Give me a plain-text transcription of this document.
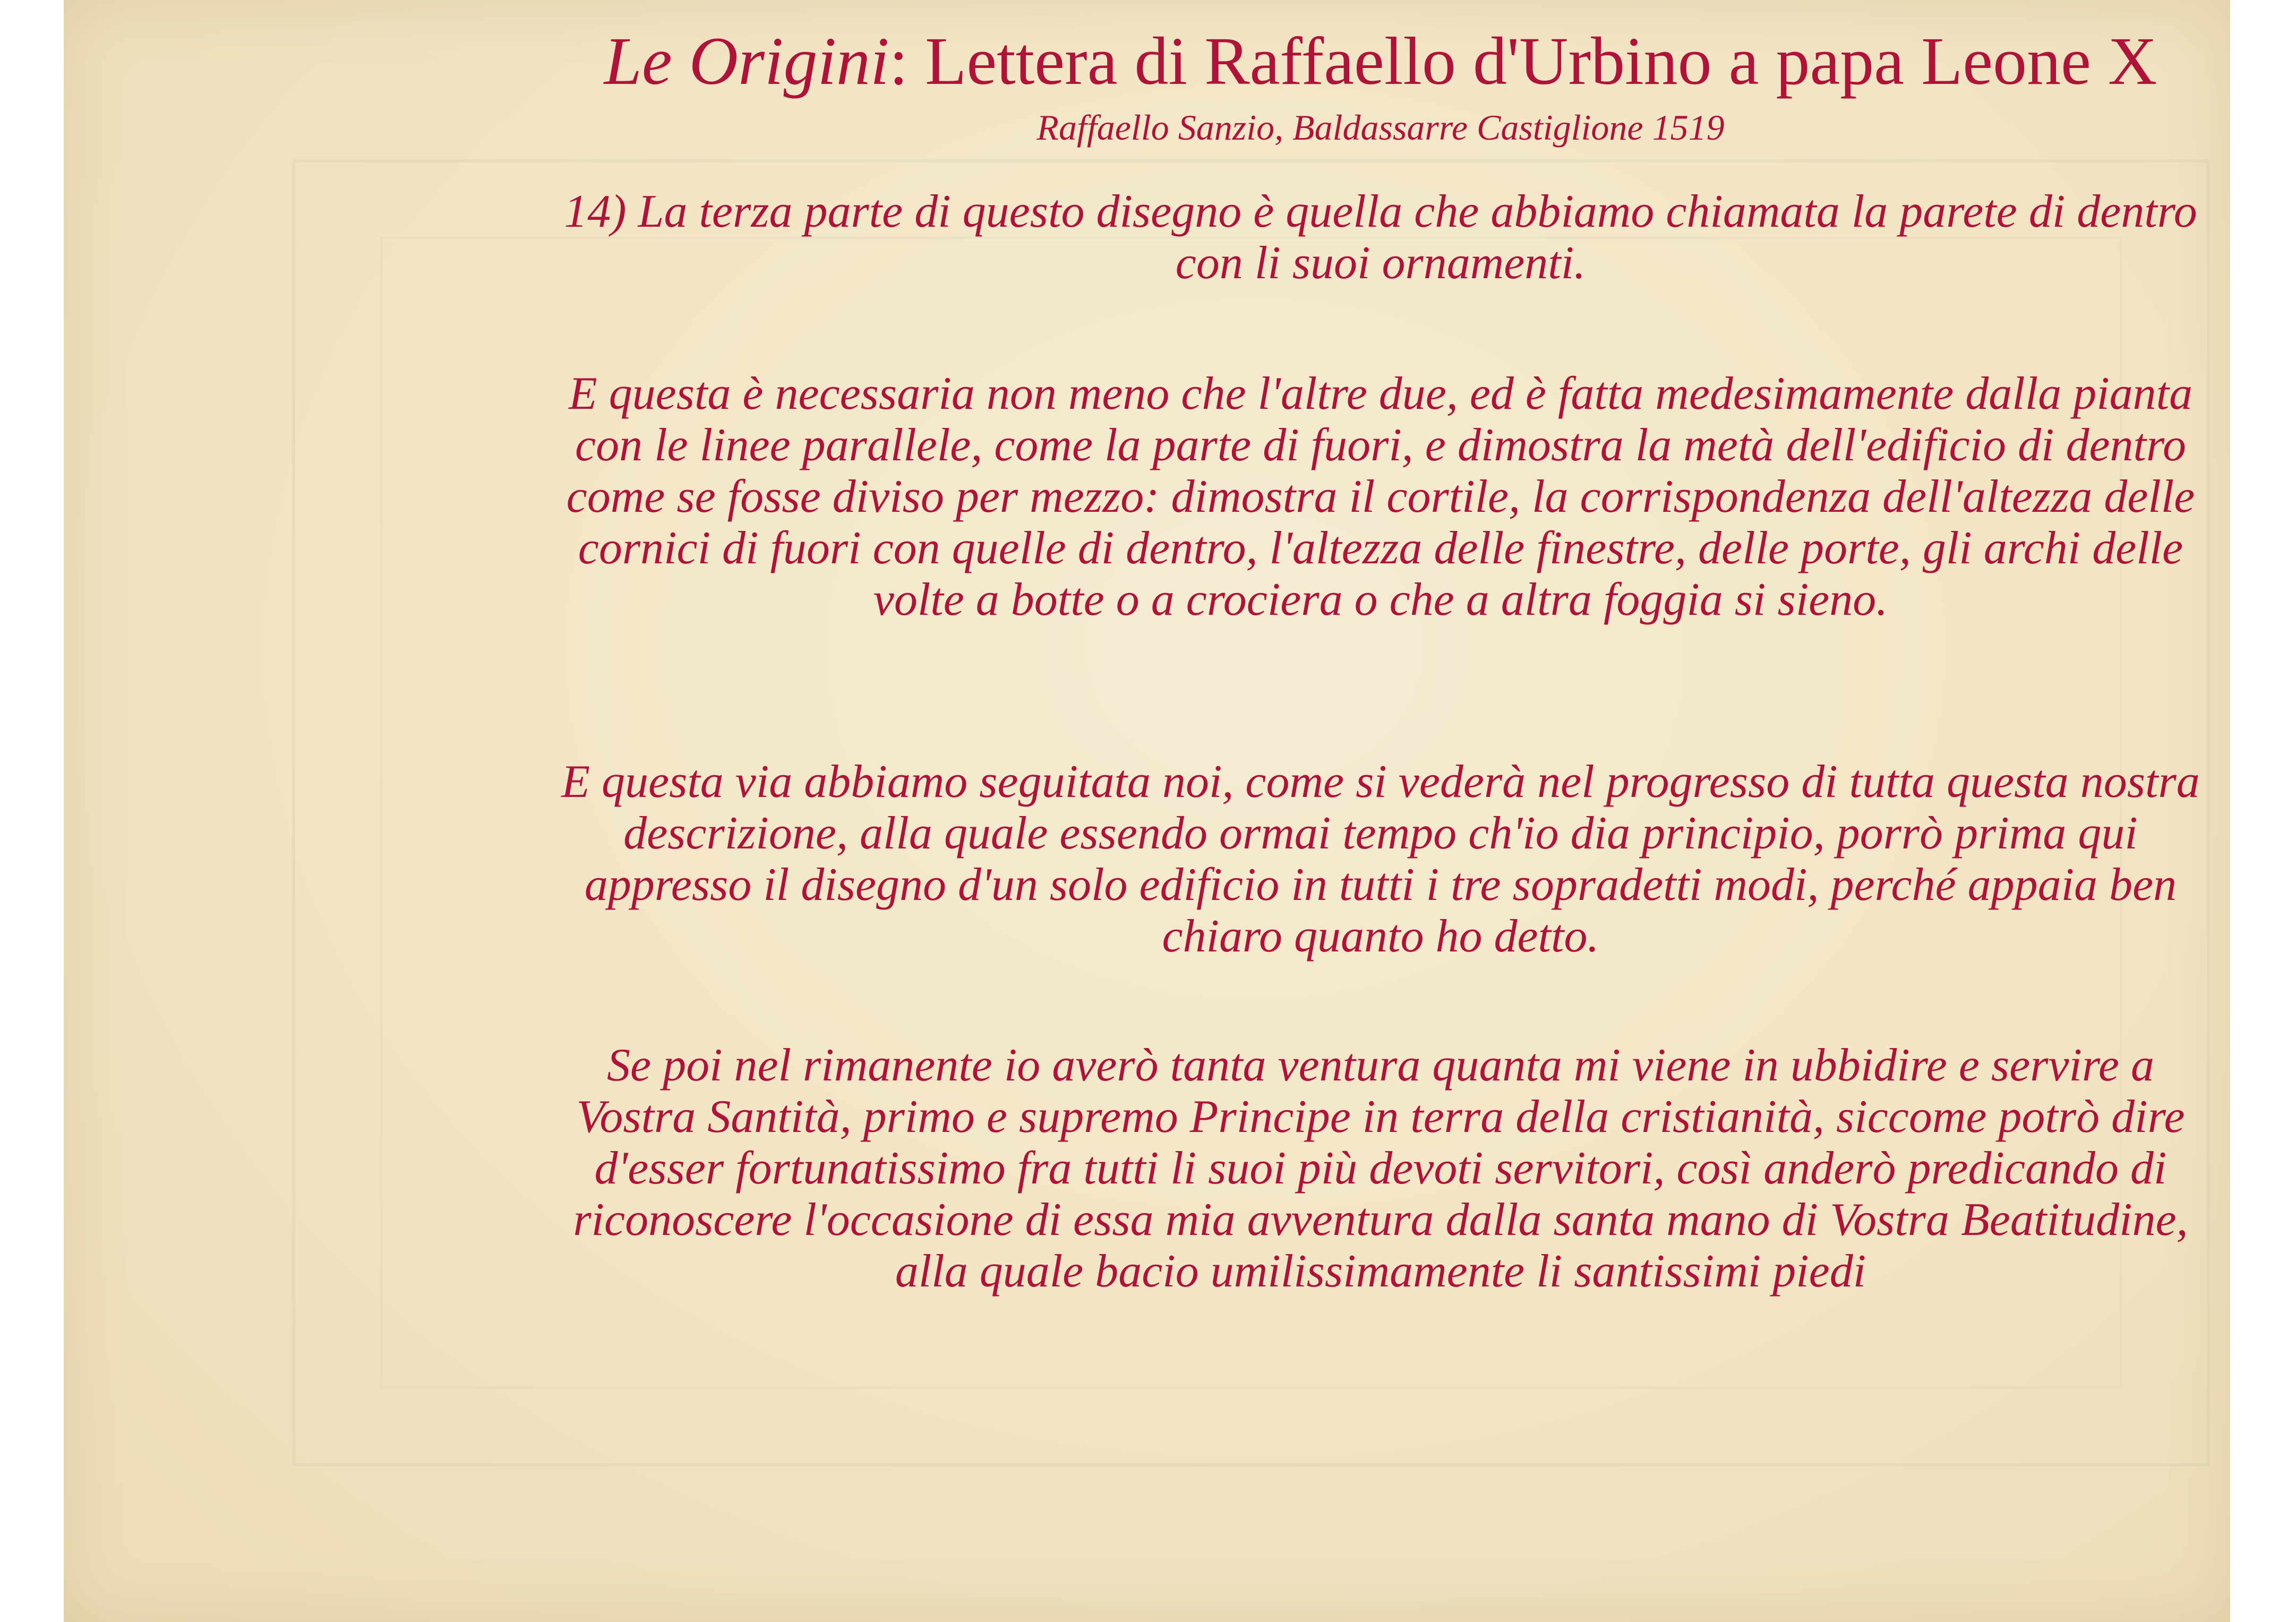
Le Origini: Lettera di Raffaello d'Urbino a papa Leone X

Raffaello Sanzio, Baldassarre Castiglione 1519

14) La terza parte di questo disegno è quella che abbiamo chiamata la parete di dentro con li suoi ornamenti.

E questa è necessaria non meno che l'altre due, ed è fatta medesimamente dalla pianta con le linee parallele, come la parte di fuori, e dimostra la metà dell'edificio di dentro come se fosse diviso per mezzo: dimostra il cortile, la corrispondenza dell'altezza delle cornici di fuori con quelle di dentro, l'altezza delle finestre, delle porte, gli archi delle volte a botte o a crociera o che a altra foggia si sieno.

E questa via abbiamo seguitata noi, come si vederà nel progresso di tutta questa nostra descrizione, alla quale essendo ormai tempo ch'io dia principio, porrò prima qui appresso il disegno d'un solo edificio in tutti i tre sopradetti modi, perché appaia ben chiaro quanto ho detto.

Se poi nel rimanente io averò tanta ventura quanta mi viene in ubbidire e servire a Vostra Santità, primo e supremo Principe in terra della cristianità, siccome potrò dire d'esser fortunatissimo fra tutti li suoi più devoti servitori, così anderò predicando di riconoscere l'occasione di essa mia avventura dalla santa mano di Vostra Beatitudine, alla quale bacio umilissimamente li santissimi piedi
